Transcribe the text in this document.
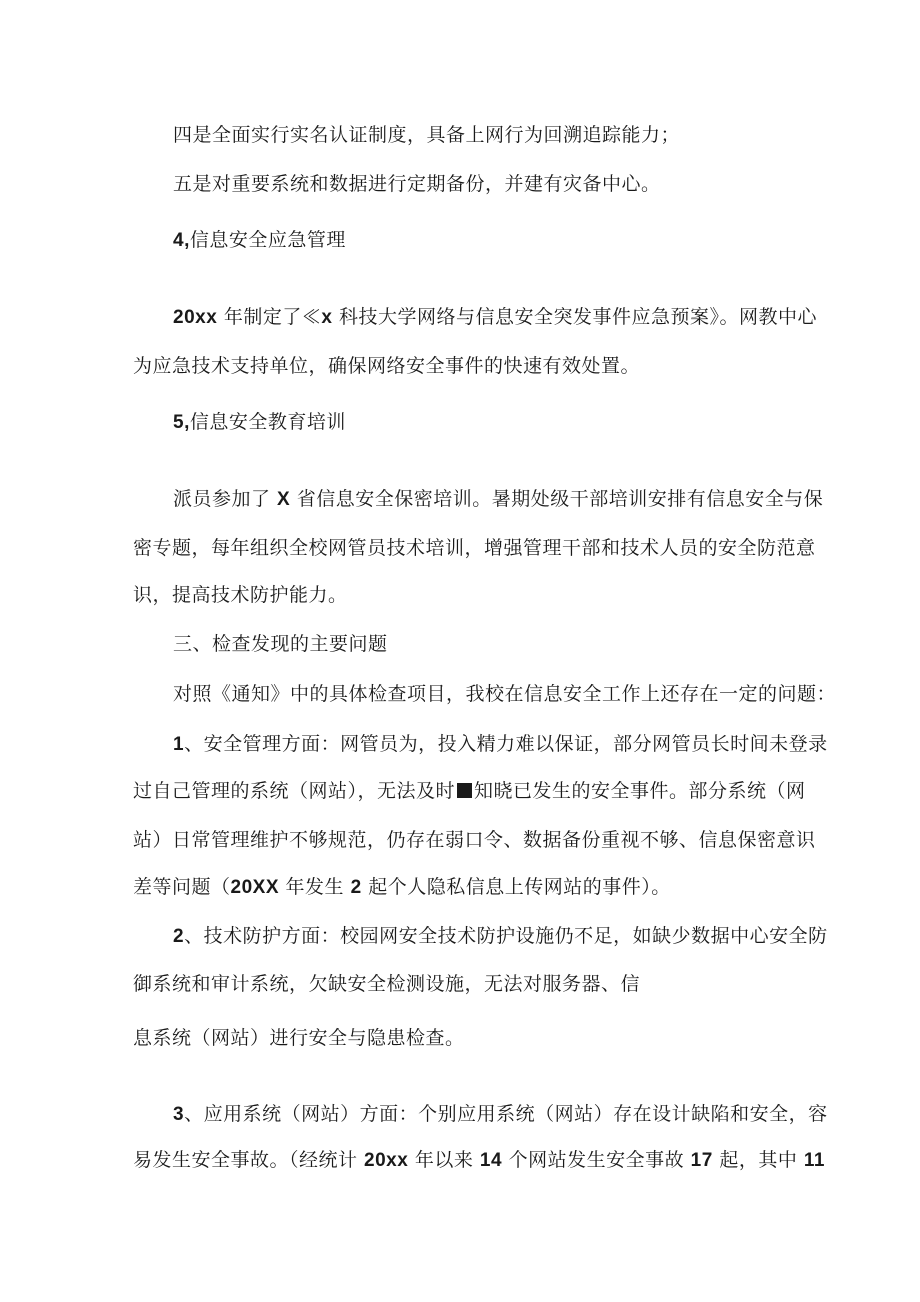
四是全面实行实名认证制度，具备上网行为回溯追踪能力；
五是对重要系统和数据进行定期备份，并建有灾备中心。
4,信息安全应急管理
20xx 年制定了≪x 科技大学网络与信息安全突发事件应急预案》。网教中心
为应急技术支持单位，确保网络安全事件的快速有效处置。
5,信息安全教育培训
派员参加了 X 省信息安全保密培训。暑期处级干部培训安排有信息安全与保
密专题，每年组织全校网管员技术培训，增强管理干部和技术人员的安全防范意
识，提高技术防护能力。
三、检查发现的主要问题
对照《通知》中的具体检查项目，我校在信息安全工作上还存在一定的问题：
1、安全管理方面：网管员为，投入精力难以保证，部分网管员长时间未登录
过自己管理的系统（网站），无法及时 知晓已发生的安全事件。部分系统（网
站）日常管理维护不够规范，仍存在弱口令、数据备份重视不够、信息保密意识
差等问题（20XX 年发生 2 起个人隐私信息上传网站的事件）。
2、技术防护方面：校园网安全技术防护设施仍不足，如缺少数据中心安全防
御系统和审计系统，欠缺安全检测设施，无法对服务器、信
息系统（网站）进行安全与隐患检查。
3、应用系统（网站）方面：个别应用系统（网站）存在设计缺陷和安全，容
易发生安全事故。（经统计 20xx 年以来 14 个网站发生安全事故 17 起，其中 11
